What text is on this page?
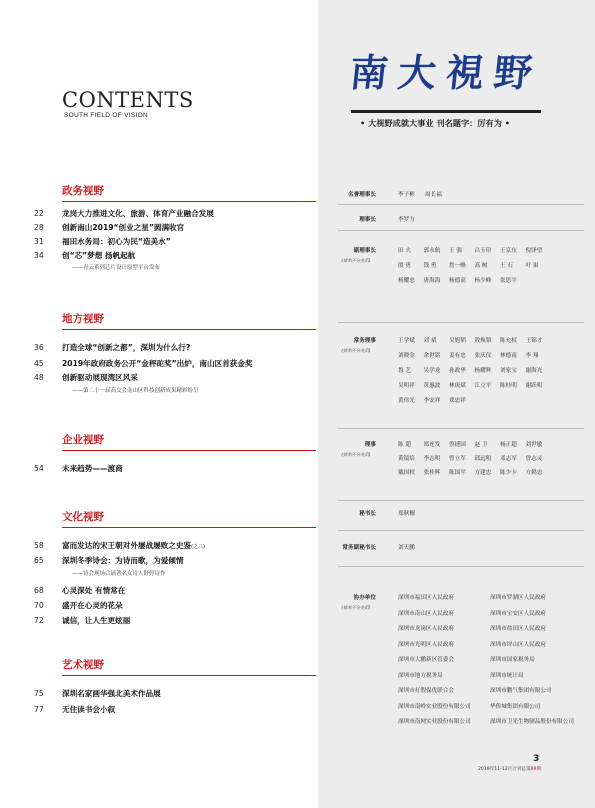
CONTENTS
SOUTH FIELD OF VISION
政务视野
22	龙岗大力推进文化、旅游、体育产业融合发展
28	创新南山2019“创业之星”圆满收官
31	福田水务局：初心为民“造美水”
34	创“芯”梦想 扬帆起航
——青云系列芯片设计原型平台发布
地方视野
36	打造全球“创新之都”，深圳为什么行?
45	2019年政府政务公开“金秤砣奖”出炉，南山区首获金奖
48	创新驱动展现湾区风采
——第二十一届高交会南山区科技创新成果精彩纷呈
企业视野
54	未来趋势——渡商
文化视野
58	富而发达的宋王朝对外屡战屡败之史鉴(之三)
65	深圳冬季诗会：为诗而歌，为爱倾情
——诗会现场合诵著名女诗人舒婷诗作
68	心灵深处 有情常在
70	盛开在心灵的花朵
72	诚信，让人生更炫丽
艺术视野
75	深圳名家画华强北美术作品展
77	无住读书会小叙
南 大 視 野
• 大视野成就大事业 刊名题字：厉有为 •
名誉理事长	李子彬 周长福
理事长	李罗力
副理事长
(排名不分先后)
田 夫 郭永航 王 强 吕玉印 王京东 倪泽望
殷 勇 钱 勇 詹一峰 高 树 王 石 叶 果
杨耀忠 唐海海 杨德高 杨少峰 张思平
常务理事
(排名不分先后)
王学斌 刘 斌 吴旭韬 敖焕韬 陈允权 王锦才
刘晓金 余世铭 姜有忠 张庆仪 林德南 李 翔
鲁 艺 吴学龙 孙政华 杨耀辉 刘家宝 谢海光
吴明祥 黄惠波 林庚斌 江立平 陈桂明 谢跃明
黄伟光 李安祥 郑忠祥
理事
(排名不分先后)
陈 超 郑连发 曾捷国 赵 卫 杨正超 刘世敏
黄镜培 李志明 曾立军 邱远明 邓志军 曾志灵
戴国权 张桂辉 陈国平 方建忠 陈少卡 方鹤忠
秘书长	郑秋穗
常务副秘书长	刘天鹏
协办单位
(排名不分先后)
深圳市福田区人民政府	深圳市罗湖区人民政府
深圳市南山区人民政府	深圳市宝安区人民政府
深圳市龙岗区人民政府	深圳市盐田区人民政府
深圳市光明区人民政府	深圳市坪山区人民政府
深圳市大鹏新区管委会	深圳市国家税务局
深圳市地方税务局	深圳市统计局
深圳市打假保优联合会	深圳市鹏气集团有限公司
深圳市南岭实业股份有限公司	华侨城集团有限公司
深圳市南网实业股份有限公司	深圳市卫光生物制品股份有限公司
3
2019年11-12月合刊总第89期
